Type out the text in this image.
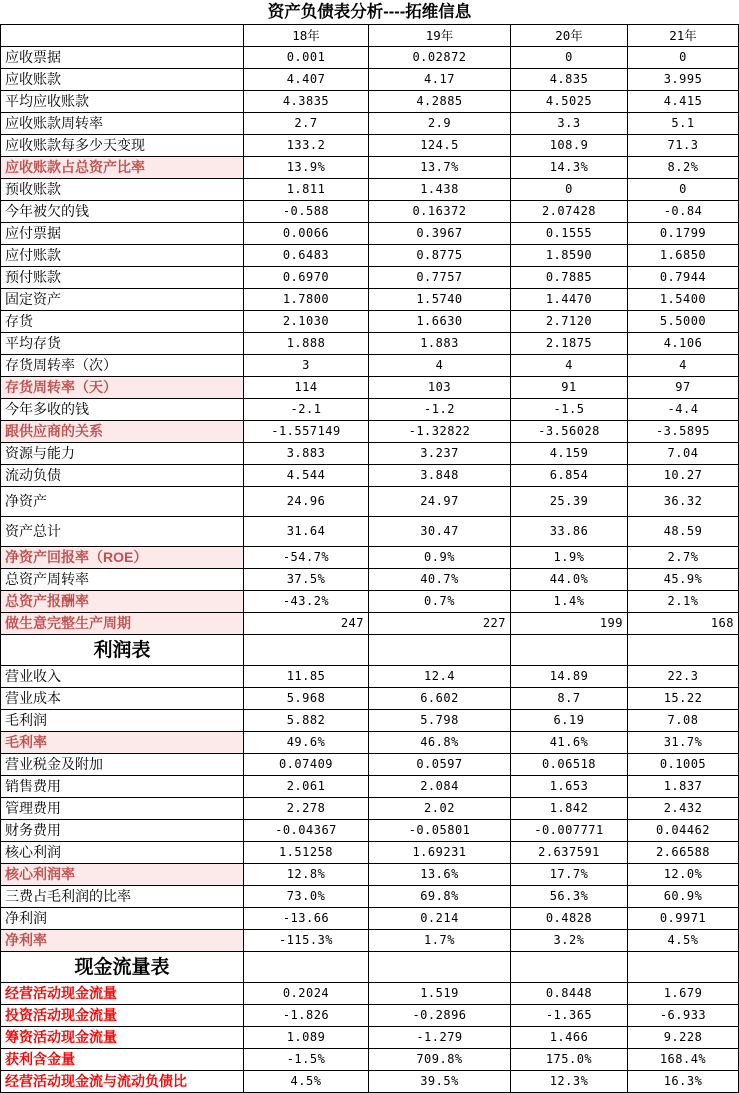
资产负债表分析----拓维信息				
	18年	19年	20年	21年
应收票据	0.001	0.02872	0	0
应收账款	4.407	4.17	4.835	3.995
平均应收账款	4.3835	4.2885	4.5025	4.415
应收账款周转率	2.7	2.9	3.3	5.1
应收账款每多少天变现	133.2	124.5	108.9	71.3
应收账款占总资产比率	13.9%	13.7%	14.3%	8.2%
预收账款	1.811	1.438	0	0
今年被欠的钱	-0.588	0.16372	2.07428	-0.84
应付票据	0.0066	0.3967	0.1555	0.1799
应付账款	0.6483	0.8775	1.8590	1.6850
预付账款	0.6970	0.7757	0.7885	0.7944
固定资产	1.7800	1.5740	1.4470	1.5400
存货	2.1030	1.6630	2.7120	5.5000
平均存货	1.888	1.883	2.1875	4.106
存货周转率（次）	3	4	4	4
存货周转率（天）	114	103	91	97
今年多收的钱	-2.1	-1.2	-1.5	-4.4
跟供应商的关系	-1.557149	-1.32822	-3.56028	-3.5895
资源与能力	3.883	3.237	4.159	7.04
流动负债	4.544	3.848	6.854	10.27
净资产	24.96	24.97	25.39	36.32
资产总计	31.64	30.47	33.86	48.59
净资产回报率（ROE）	-54.7%	0.9%	1.9%	2.7%
总资产周转率	37.5%	40.7%	44.0%	45.9%
总资产报酬率	-43.2%	0.7%	1.4%	2.1%
做生意完整生产周期	247	227	199	168
利润表				
营业收入	11.85	12.4	14.89	22.3
营业成本	5.968	6.602	8.7	15.22
毛利润	5.882	5.798	6.19	7.08
毛利率	49.6%	46.8%	41.6%	31.7%
营业税金及附加	0.07409	0.0597	0.06518	0.1005
销售费用	2.061	2.084	1.653	1.837
管理费用	2.278	2.02	1.842	2.432
财务费用	-0.04367	-0.05801	-0.007771	0.04462
核心利润	1.51258	1.69231	2.637591	2.66588
核心利润率	12.8%	13.6%	17.7%	12.0%
三费占毛利润的比率	73.0%	69.8%	56.3%	60.9%
净利润	-13.66	0.214	0.4828	0.9971
净利率	-115.3%	1.7%	3.2%	4.5%
现金流量表				
经营活动现金流量	0.2024	1.519	0.8448	1.679
投资活动现金流量	-1.826	-0.2896	-1.365	-6.933
筹资活动现金流量	1.089	-1.279	1.466	9.228
获利含金量	-1.5%	709.8%	175.0%	168.4%
经营活动现金流与流动负债比	4.5%	39.5%	12.3%	16.3%
